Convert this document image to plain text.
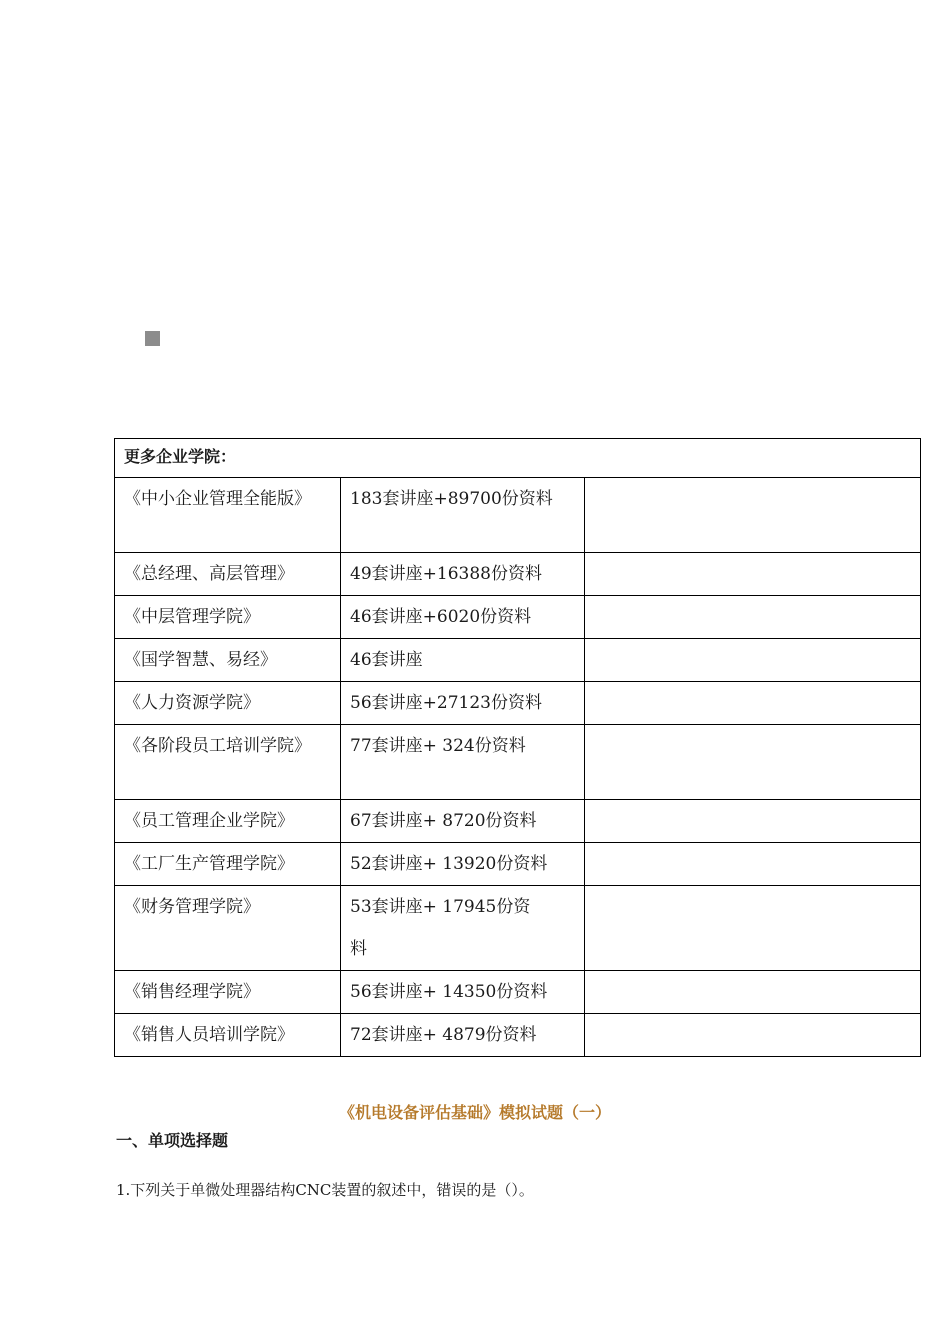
更多企业学院：		
《中小企业管理全能版》	183套讲座+89700份资料	
《总经理、高层管理》	49套讲座+16388份资料	
《中层管理学院》	46套讲座+6020份资料	
《国学智慧、易经》	46套讲座	
《人力资源学院》	56套讲座+27123份资料	
《各阶段员工培训学院》	77套讲座+ 324份资料	
《员工管理企业学院》	67套讲座+ 8720份资料	
《工厂生产管理学院》	52套讲座+ 13920份资料	
《财务管理学院》	53套讲座+ 17945份资料	
《销售经理学院》	56套讲座+ 14350份资料	
《销售人员培训学院》	72套讲座+ 4879份资料	
《机电设备评估基础》模拟试题（一）
一、单项选择题
1.下列关于单微处理器结构CNC装置的叙述中，错误的是（）。
